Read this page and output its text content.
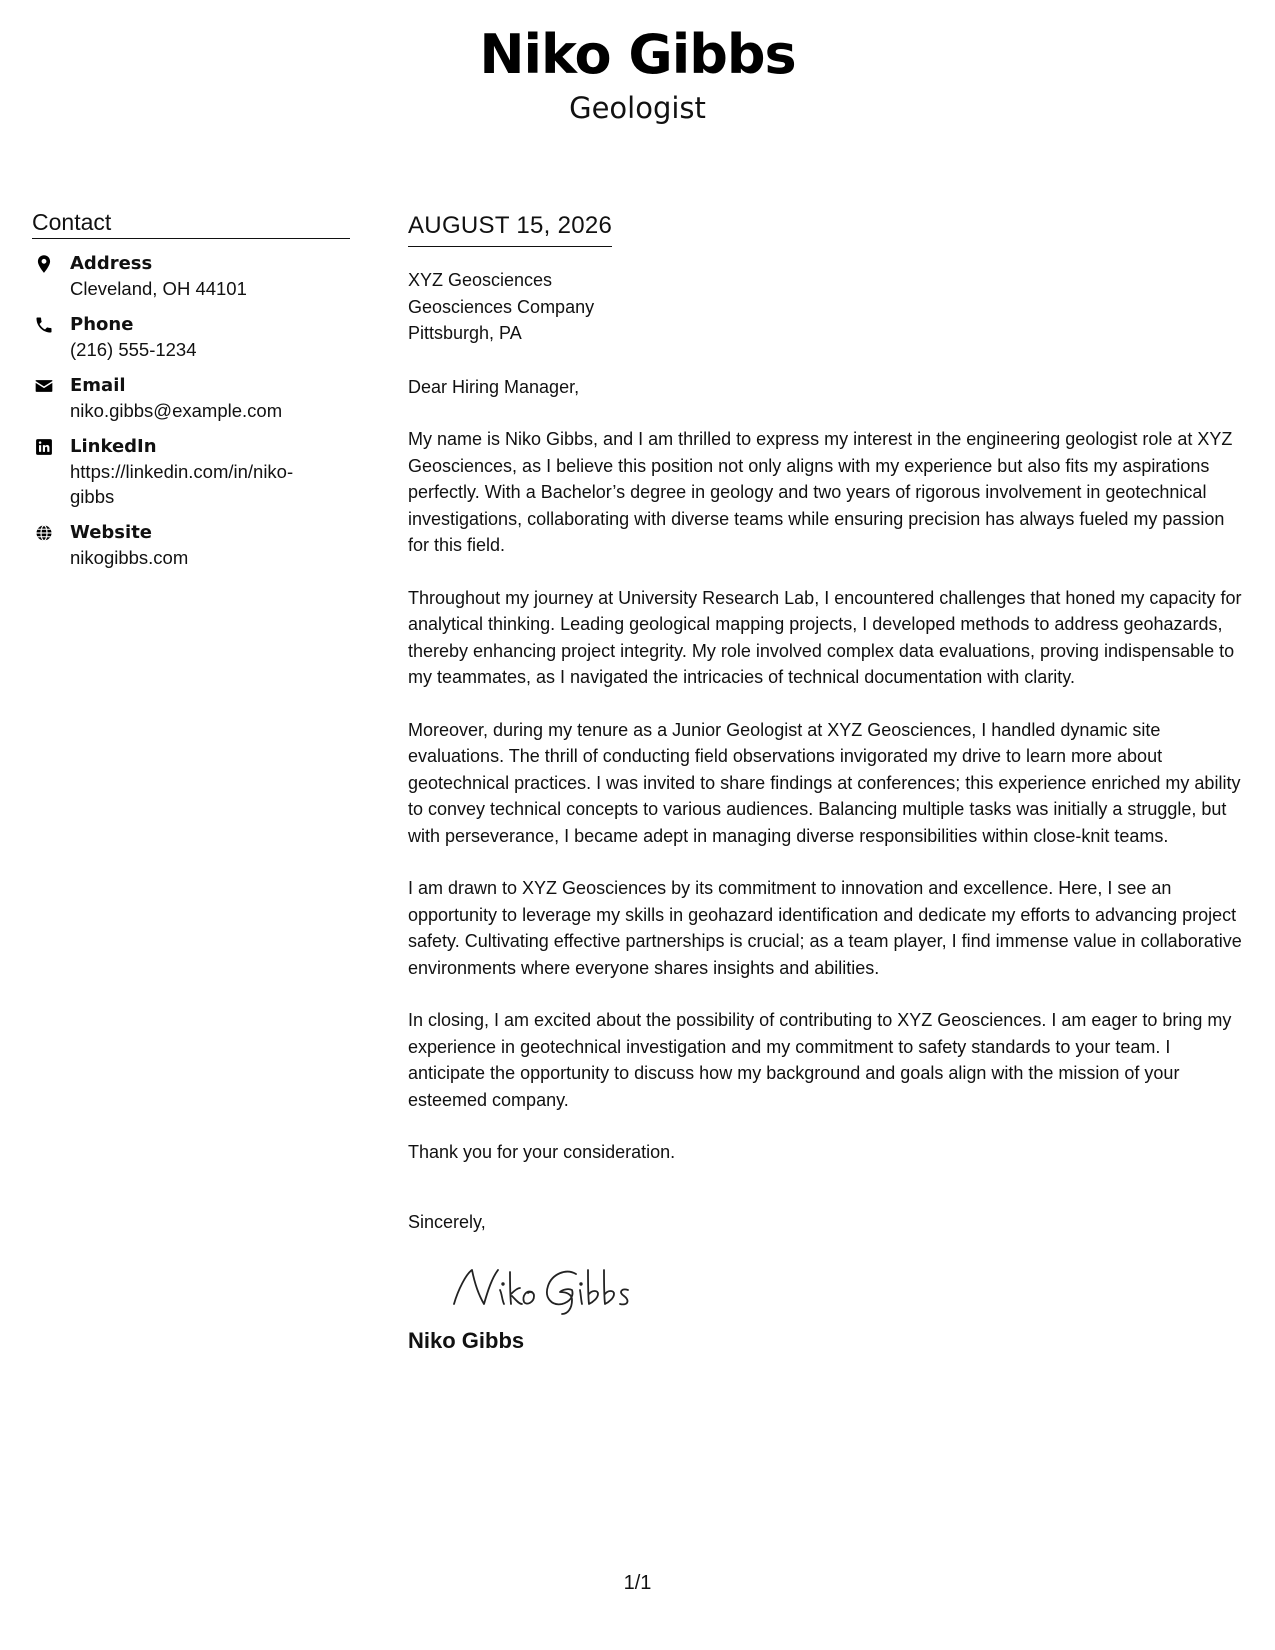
Niko Gibbs
Geologist
Contact
Address
Cleveland, OH 44101
Phone
(216) 555-1234
Email
niko.gibbs@example.com
LinkedIn
https://linkedin.com/in/niko-gibbs
Website
nikogibbs.com
AUGUST 15, 2026
XYZ Geosciences
Geosciences Company
Pittsburgh, PA
Dear Hiring Manager,
My name is Niko Gibbs, and I am thrilled to express my interest in the engineering geologist role at XYZ Geosciences, as I believe this position not only aligns with my experience but also fits my aspirations perfectly. With a Bachelor’s degree in geology and two years of rigorous involvement in geotechnical investigations, collaborating with diverse teams while ensuring precision has always fueled my passion for this field.
Throughout my journey at University Research Lab, I encountered challenges that honed my capacity for analytical thinking. Leading geological mapping projects, I developed methods to address geohazards, thereby enhancing project integrity. My role involved complex data evaluations, proving indispensable to my teammates, as I navigated the intricacies of technical documentation with clarity.
Moreover, during my tenure as a Junior Geologist at XYZ Geosciences, I handled dynamic site evaluations. The thrill of conducting field observations invigorated my drive to learn more about geotechnical practices. I was invited to share findings at conferences; this experience enriched my ability to convey technical concepts to various audiences. Balancing multiple tasks was initially a struggle, but with perseverance, I became adept in managing diverse responsibilities within close-knit teams.
I am drawn to XYZ Geosciences by its commitment to innovation and excellence. Here, I see an opportunity to leverage my skills in geohazard identification and dedicate my efforts to advancing project safety. Cultivating effective partnerships is crucial; as a team player, I find immense value in collaborative environments where everyone shares insights and abilities.
In closing, I am excited about the possibility of contributing to XYZ Geosciences. I am eager to bring my experience in geotechnical investigation and my commitment to safety standards to your team. I anticipate the opportunity to discuss how my background and goals align with the mission of your esteemed company.
Thank you for your consideration.
Sincerely,
Niko Gibbs
1/1
